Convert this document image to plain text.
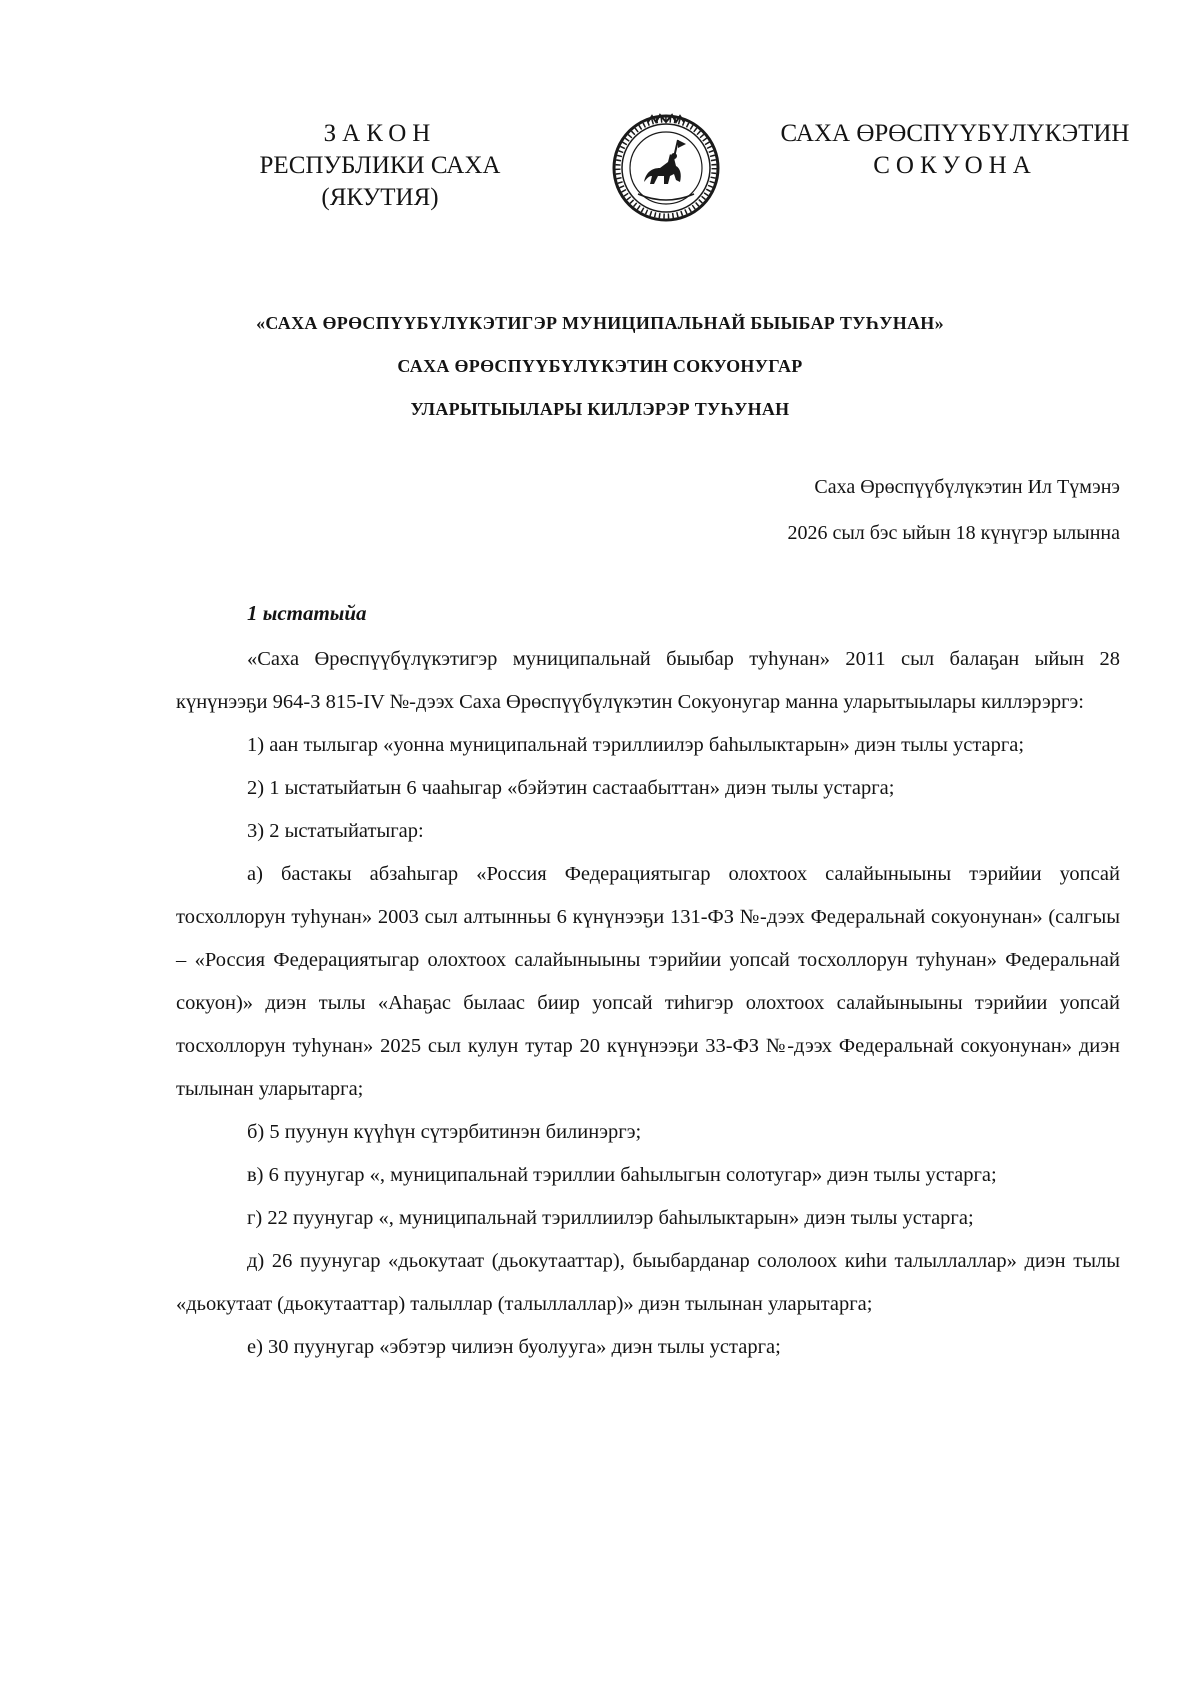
ЗАКОН
РЕСПУБЛИКИ САХА (ЯКУТИЯ)
САХА ӨРӨСПҮҮБҮЛҮКЭТИН
СОКУОНА
«САХА ӨРӨСПҮҮБҮЛҮКЭТИГЭР МУНИЦИПАЛЬНАЙ БЫЫБАР ТУҺУНАН»
САХА ӨРӨСПҮҮБҮЛҮКЭТИН СОКУОНУГАР
УЛАРЫТЫЫЛАРЫ КИЛЛЭРЭР ТУҺУНАН
Саха Өрөспүүбүлүкэтин Ил Түмэнэ
2026 сыл бэс ыйын 18 күнүгэр ылынна
1 ыстатыйа

«Саха Өрөспүүбүлүкэтигэр муниципальнай быыбар туһунан» 2011 сыл балаҕан ыйын 28 күнүнээҕи 964-З 815-IV №-дээх Саха Өрөспүүбүлүкэтин Сокуонугар манна уларытыылары киллэрэргэ:

1) аан тылыгар «уонна муниципальнай тэриллиилэр баһылыктарын» диэн тылы устарга;

2) 1 ыстатыйатын 6 чааһыгар «бэйэтин састаабыттан» диэн тылы устарга;

3) 2 ыстатыйатыгар:

а) бастакы абзаһыгар «Россия Федерациятыгар олохтоох салайыныыны тэрийии уопсай тосхоллорун туһунан» 2003 сыл алтынньы 6 күнүнээҕи 131-ФЗ №-дээх Федеральнай сокуонунан» (салгыы – «Россия Федерациятыгар олохтоох салайыныыны тэрийии уопсай тосхоллорун туһунан» Федеральнай сокуон)» диэн тылы «Аһаҕас былаас биир уопсай тиһигэр олохтоох салайыныыны тэрийии уопсай тосхоллорун туһунан» 2025 сыл кулун тутар 20 күнүнээҕи 33-ФЗ №-дээх Федеральнай сокуонунан» диэн тылынан уларытарга;

б) 5 пуунун күүһүн сүтэрбитинэн билинэргэ;

в) 6 пуунугар «, муниципальнай тэриллии баһылыгын солотугар» диэн тылы устарга;

г) 22 пуунугар «, муниципальнай тэриллиилэр баһылыктарын» диэн тылы устарга;

д) 26 пуунугар «дьокутаат (дьокутааттар), быыбарданар сололоох киһи талыллаллар» диэн тылы «дьокутаат (дьокутааттар) талыллар (талыллаллар)» диэн тылынан уларытарга;

е) 30 пуунугар «эбэтэр чилиэн буолууга» диэн тылы устарга;
